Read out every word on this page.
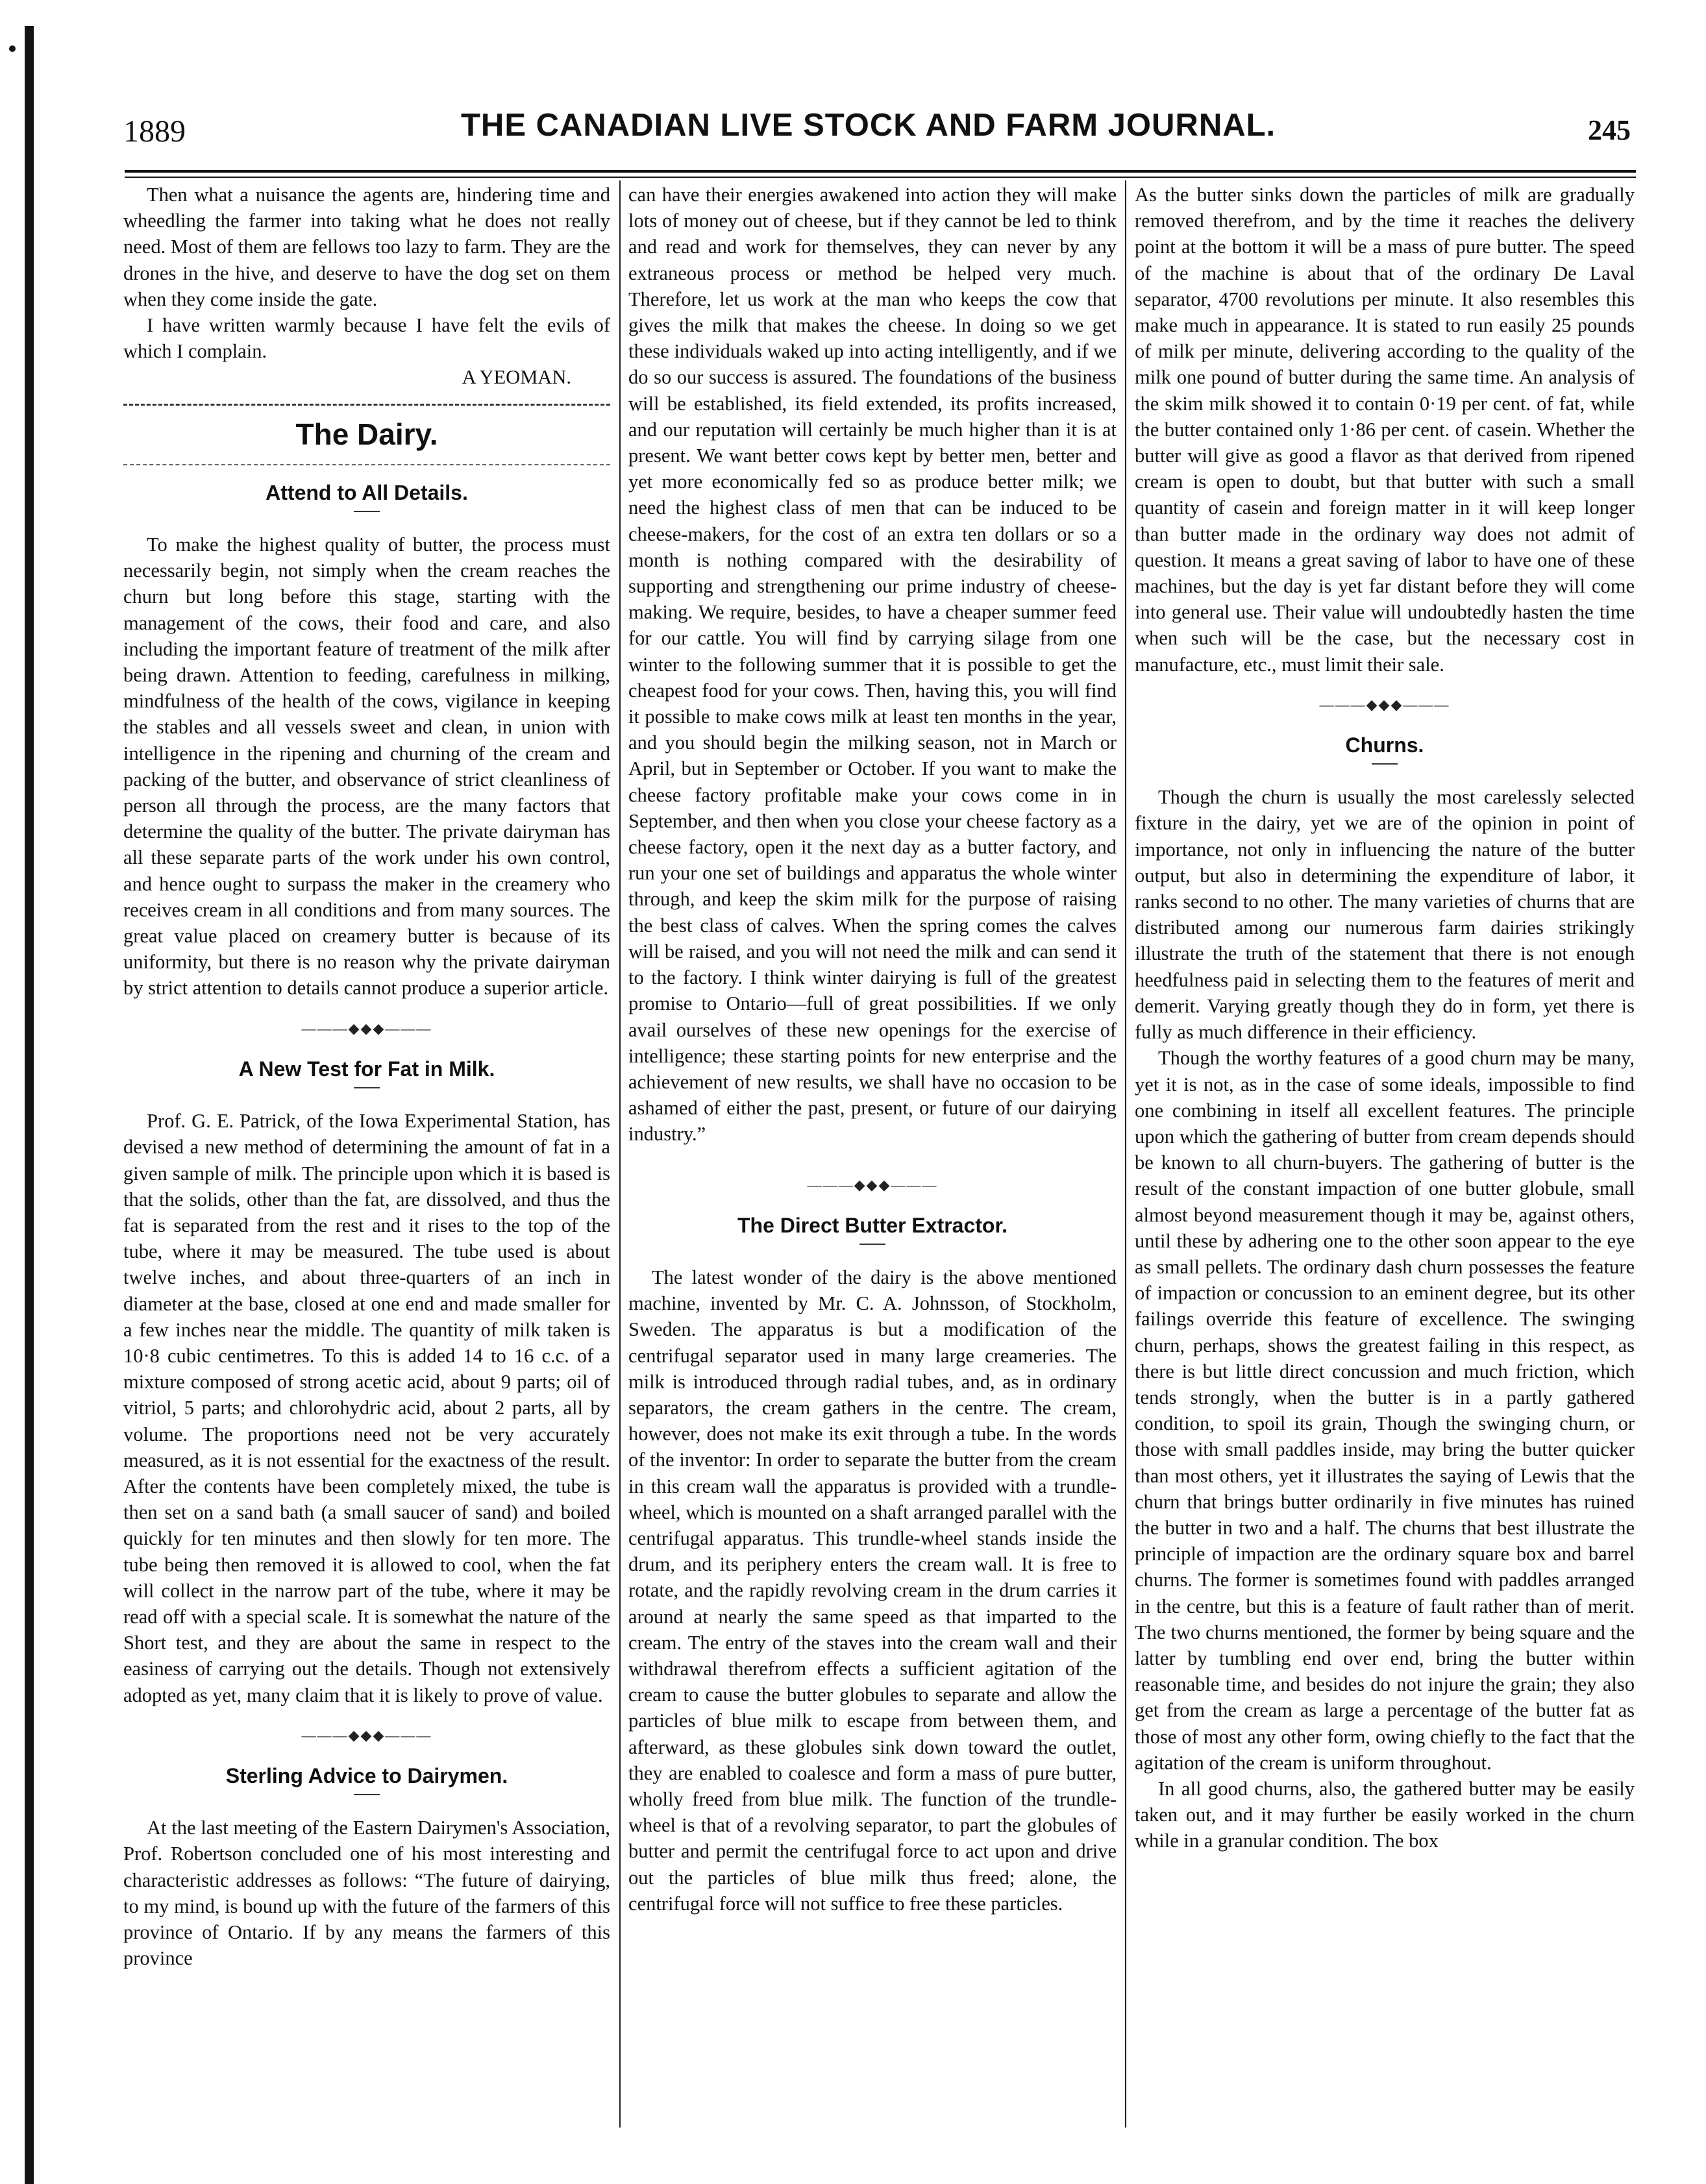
1889	THE CANADIAN LIVE STOCK AND FARM JOURNAL.	245

Then what a nuisance the agents are, hindering time and wheedling the farmer into taking what he does not really need. Most of them are fellows too lazy to farm. They are the drones in the hive, and deserve to have the dog set on them when they come inside the gate.

I have written warmly because I have felt the evils of which I complain.

A YEOMAN.
The Dairy.
Attend to All Details.

To make the highest quality of butter, the process must necessarily begin, not simply when the cream reaches the churn but long before this stage, starting with the management of the cows, their food and care, and also including the important feature of treatment of the milk after being drawn. Attention to feeding, carefulness in milking, mindfulness of the health of the cows, vigilance in keeping the stables and all vessels sweet and clean, in union with intelligence in the ripening and churning of the cream and packing of the butter, and observance of strict cleanliness of person all through the process, are the many factors that determine the quality of the butter. The private dairyman has all these separate parts of the work under his own control, and hence ought to surpass the maker in the creamery who receives cream in all conditions and from many sources. The great value placed on creamery butter is because of its uniformity, but there is no reason why the private dairyman by strict attention to details cannot produce a superior article.

———◆◆◆———
A New Test for Fat in Milk.

Prof. G. E. Patrick, of the Iowa Experimental Station, has devised a new method of determining the amount of fat in a given sample of milk. The principle upon which it is based is that the solids, other than the fat, are dissolved, and thus the fat is separated from the rest and it rises to the top of the tube, where it may be measured. The tube used is about twelve inches, and about three-quarters of an inch in diameter at the base, closed at one end and made smaller for a few inches near the middle. The quantity of milk taken is 10·8 cubic centimetres. To this is added 14 to 16 c.c. of a mixture composed of strong acetic acid, about 9 parts; oil of vitriol, 5 parts; and chlorohydric acid, about 2 parts, all by volume. The proportions need not be very accurately measured, as it is not essential for the exactness of the result. After the contents have been completely mixed, the tube is then set on a sand bath (a small saucer of sand) and boiled quickly for ten minutes and then slowly for ten more. The tube being then removed it is allowed to cool, when the fat will collect in the narrow part of the tube, where it may be read off with a special scale. It is somewhat the nature of the Short test, and they are about the same in respect to the easiness of carrying out the details. Though not extensively adopted as yet, many claim that it is likely to prove of value.

———◆◆◆———
Sterling Advice to Dairymen.

At the last meeting of the Eastern Dairymen's Association, Prof. Robertson concluded one of his most interesting and characteristic addresses as follows: “The future of dairying, to my mind, is bound up with the future of the farmers of this province of Ontario. If by any means the farmers of this province

can have their energies awakened into action they will make lots of money out of cheese, but if they cannot be led to think and read and work for themselves, they can never by any extraneous process or method be helped very much. Therefore, let us work at the man who keeps the cow that gives the milk that makes the cheese. In doing so we get these individuals waked up into acting intelligently, and if we do so our success is assured. The foundations of the business will be established, its field extended, its profits increased, and our reputation will certainly be much higher than it is at present. We want better cows kept by better men, better and yet more economically fed so as produce better milk; we need the highest class of men that can be induced to be cheese-makers, for the cost of an extra ten dollars or so a month is nothing compared with the desirability of supporting and strengthening our prime industry of cheese-making. We require, besides, to have a cheaper summer feed for our cattle. You will find by carrying silage from one winter to the following summer that it is possible to get the cheapest food for your cows. Then, having this, you will find it possible to make cows milk at least ten months in the year, and you should begin the milking season, not in March or April, but in September or October. If you want to make the cheese factory profitable make your cows come in in September, and then when you close your cheese factory as a cheese factory, open it the next day as a butter factory, and run your one set of buildings and apparatus the whole winter through, and keep the skim milk for the purpose of raising the best class of calves. When the spring comes the calves will be raised, and you will not need the milk and can send it to the factory. I think winter dairying is full of the greatest promise to Ontario—full of great possibilities. If we only avail ourselves of these new openings for the exercise of intelligence; these starting points for new enterprise and the achievement of new results, we shall have no occasion to be ashamed of either the past, present, or future of our dairying industry.”

———◆◆◆———
The Direct Butter Extractor.

The latest wonder of the dairy is the above mentioned machine, invented by Mr. C. A. Johnsson, of Stockholm, Sweden. The apparatus is but a modification of the centrifugal separator used in many large creameries. The milk is introduced through radial tubes, and, as in ordinary separators, the cream gathers in the centre. The cream, however, does not make its exit through a tube. In the words of the inventor: In order to separate the butter from the cream in this cream wall the apparatus is provided with a trundle-wheel, which is mounted on a shaft arranged parallel with the centrifugal apparatus. This trundle-wheel stands inside the drum, and its periphery enters the cream wall. It is free to rotate, and the rapidly revolving cream in the drum carries it around at nearly the same speed as that imparted to the cream. The entry of the staves into the cream wall and their withdrawal therefrom effects a sufficient agitation of the cream to cause the butter globules to separate and allow the particles of blue milk to escape from between them, and afterward, as these globules sink down toward the outlet, they are enabled to coalesce and form a mass of pure butter, wholly freed from blue milk. The function of the trundle-wheel is that of a revolving separator, to part the globules of butter and permit the centrifugal force to act upon and drive out the particles of blue milk thus freed; alone, the centrifugal force will not suffice to free these particles.

As the butter sinks down the particles of milk are gradually removed therefrom, and by the time it reaches the delivery point at the bottom it will be a mass of pure butter. The speed of the machine is about that of the ordinary De Laval separator, 4700 revolutions per minute. It also resembles this make much in appearance. It is stated to run easily 25 pounds of milk per minute, delivering according to the quality of the milk one pound of butter during the same time. An analysis of the skim milk showed it to contain 0·19 per cent. of fat, while the butter contained only 1·86 per cent. of casein. Whether the butter will give as good a flavor as that derived from ripened cream is open to doubt, but that butter with such a small quantity of casein and foreign matter in it will keep longer than butter made in the ordinary way does not admit of question. It means a great saving of labor to have one of these machines, but the day is yet far distant before they will come into general use. Their value will undoubtedly hasten the time when such will be the case, but the necessary cost in manufacture, etc., must limit their sale.

———◆◆◆———
Churns.

Though the churn is usually the most carelessly selected fixture in the dairy, yet we are of the opinion in point of importance, not only in influencing the nature of the butter output, but also in determining the expenditure of labor, it ranks second to no other. The many varieties of churns that are distributed among our numerous farm dairies strikingly illustrate the truth of the statement that there is not enough heedfulness paid in selecting them to the features of merit and demerit. Varying greatly though they do in form, yet there is fully as much difference in their efficiency.

Though the worthy features of a good churn may be many, yet it is not, as in the case of some ideals, impossible to find one combining in itself all excellent features. The principle upon which the gathering of butter from cream depends should be known to all churn-buyers. The gathering of butter is the result of the constant impaction of one butter globule, small almost beyond measurement though it may be, against others, until these by adhering one to the other soon appear to the eye as small pellets. The ordinary dash churn possesses the feature of impaction or concussion to an eminent degree, but its other failings override this feature of excellence. The swinging churn, perhaps, shows the greatest failing in this respect, as there is but little direct concussion and much friction, which tends strongly, when the butter is in a partly gathered condition, to spoil its grain, Though the swinging churn, or those with small paddles inside, may bring the butter quicker than most others, yet it illustrates the saying of Lewis that the churn that brings butter ordinarily in five minutes has ruined the butter in two and a half. The churns that best illustrate the principle of impaction are the ordinary square box and barrel churns. The former is sometimes found with paddles arranged in the centre, but this is a feature of fault rather than of merit. The two churns mentioned, the former by being square and the latter by tumbling end over end, bring the butter within reasonable time, and besides do not injure the grain; they also get from the cream as large a percentage of the butter fat as those of most any other form, owing chiefly to the fact that the agitation of the cream is uniform throughout.

In all good churns, also, the gathered butter may be easily taken out, and it may further be easily worked in the churn while in a granular condition. The box
